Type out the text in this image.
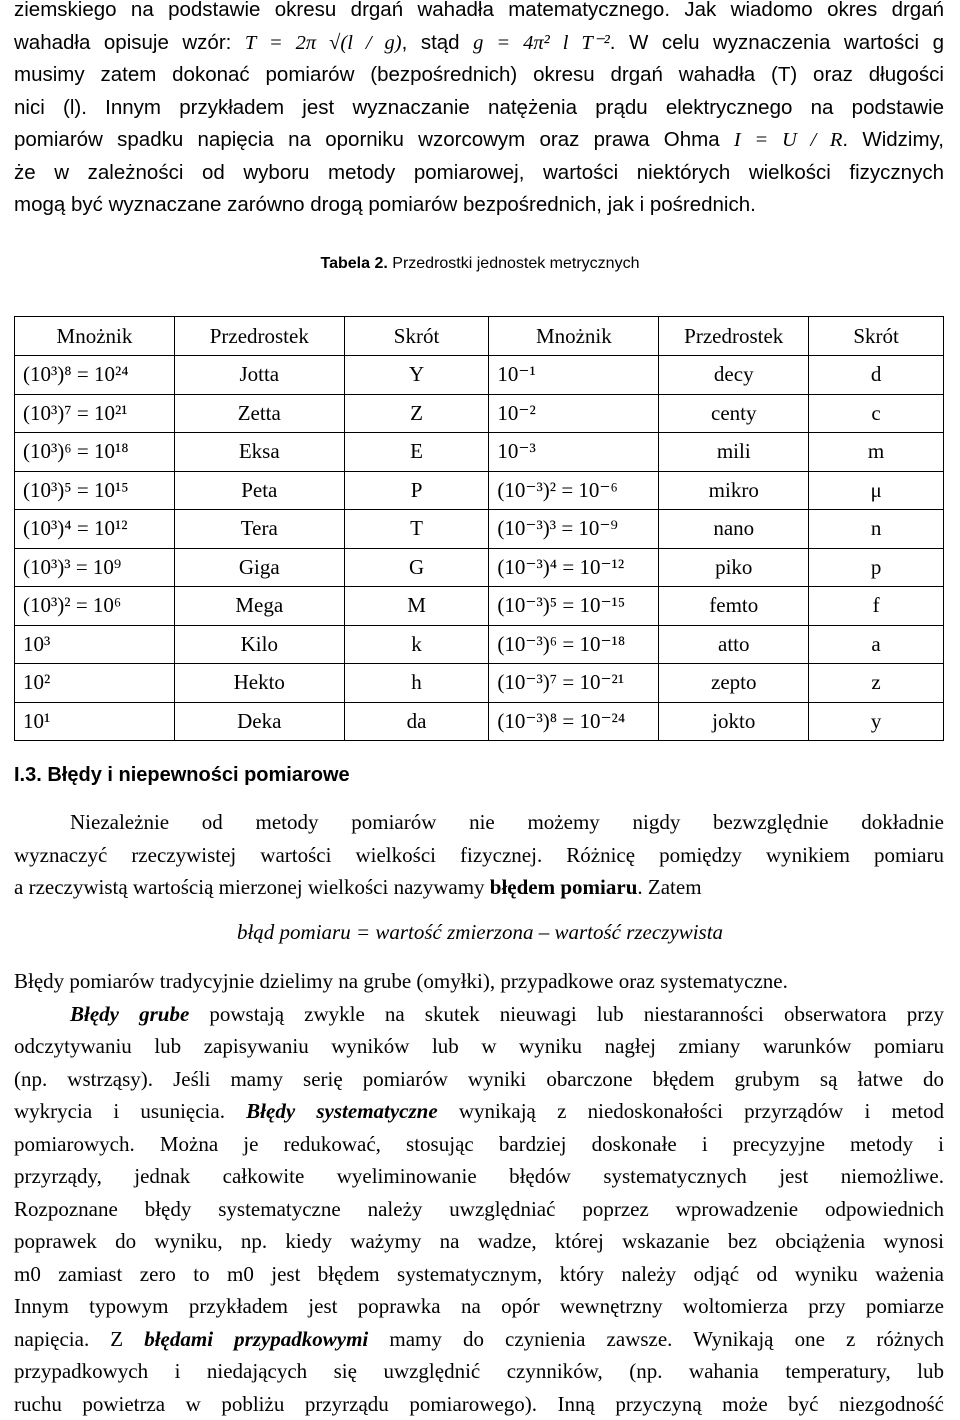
ziemskiego na podstawie okresu drgań wahadła matematycznego. Jak wiadomo okres drgań
wahadła opisuje wzór: T = 2π √(l / g), stąd g = 4π² l T⁻². W celu wyznaczenia wartości g
musimy zatem dokonać pomiarów (bezpośrednich) okresu drgań wahadła (T) oraz długości
nici (l). Innym przykładem jest wyznaczanie natężenia prądu elektrycznego na podstawie
pomiarów spadku napięcia na oporniku wzorcowym oraz prawa Ohma I = U / R. Widzimy,
że w zależności od wyboru metody pomiarowej, wartości niektórych wielkości fizycznych
mogą być wyznaczane zarówno drogą pomiarów bezpośrednich, jak i pośrednich.
Tabela 2. Przedrostki jednostek metrycznych
Mnożnik	Przedrostek	Skrót	Mnożnik	Przedrostek	Skrót
(10³)⁸ = 10²⁴	Jotta	Y	10⁻¹	decy	d
(10³)⁷ = 10²¹	Zetta	Z	10⁻²	centy	c
(10³)⁶ = 10¹⁸	Eksa	E	10⁻³	mili	m
(10³)⁵ = 10¹⁵	Peta	P	(10⁻³)² = 10⁻⁶	mikro	μ
(10³)⁴ = 10¹²	Tera	T	(10⁻³)³ = 10⁻⁹	nano	n
(10³)³ = 10⁹	Giga	G	(10⁻³)⁴ = 10⁻¹²	piko	p
(10³)² = 10⁶	Mega	M	(10⁻³)⁵ = 10⁻¹⁵	femto	f
10³	Kilo	k	(10⁻³)⁶ = 10⁻¹⁸	atto	a
10²	Hekto	h	(10⁻³)⁷ = 10⁻²¹	zepto	z
10¹	Deka	da	(10⁻³)⁸ = 10⁻²⁴	jokto	y
I.3. Błędy i niepewności pomiarowe
Niezależnie od metody pomiarów nie możemy nigdy bezwzględnie dokładnie
wyznaczyć rzeczywistej wartości wielkości fizycznej. Różnicę pomiędzy wynikiem pomiaru
a rzeczywistą wartością mierzonej wielkości nazywamy błędem pomiaru. Zatem
błąd pomiaru = wartość zmierzona – wartość rzeczywista
Błędy pomiarów tradycyjnie dzielimy na grube (omyłki), przypadkowe oraz systematyczne.
Błędy grube powstają zwykle na skutek nieuwagi lub niestaranności obserwatora przy
odczytywaniu lub zapisywaniu wyników lub w wyniku nagłej zmiany warunków pomiaru
(np. wstrząsy). Jeśli mamy serię pomiarów wyniki obarczone błędem grubym są łatwe do
wykrycia i usunięcia. Błędy systematyczne wynikają z niedoskonałości przyrządów i metod
pomiarowych. Można je redukować, stosując bardziej doskonałe i precyzyjne metody i
przyrządy, jednak całkowite wyeliminowanie błędów systematycznych jest niemożliwe.
Rozpoznane błędy systematyczne należy uwzględniać poprzez wprowadzenie odpowiednich
poprawek do wyniku, np. kiedy ważymy na wadze, której wskazanie bez obciążenia wynosi
m0 zamiast zero to m0 jest błędem systematycznym, który należy odjąć od wyniku ważenia
Innym typowym przykładem jest poprawka na opór wewnętrzny woltomierza przy pomiarze
napięcia. Z błędami przypadkowymi mamy do czynienia zawsze. Wynikają one z różnych
przypadkowych i niedających się uwzględnić czynników, (np. wahania temperatury, lub
ruchu powietrza w pobliżu przyrządu pomiarowego). Inną przyczyną może być niezgodność
